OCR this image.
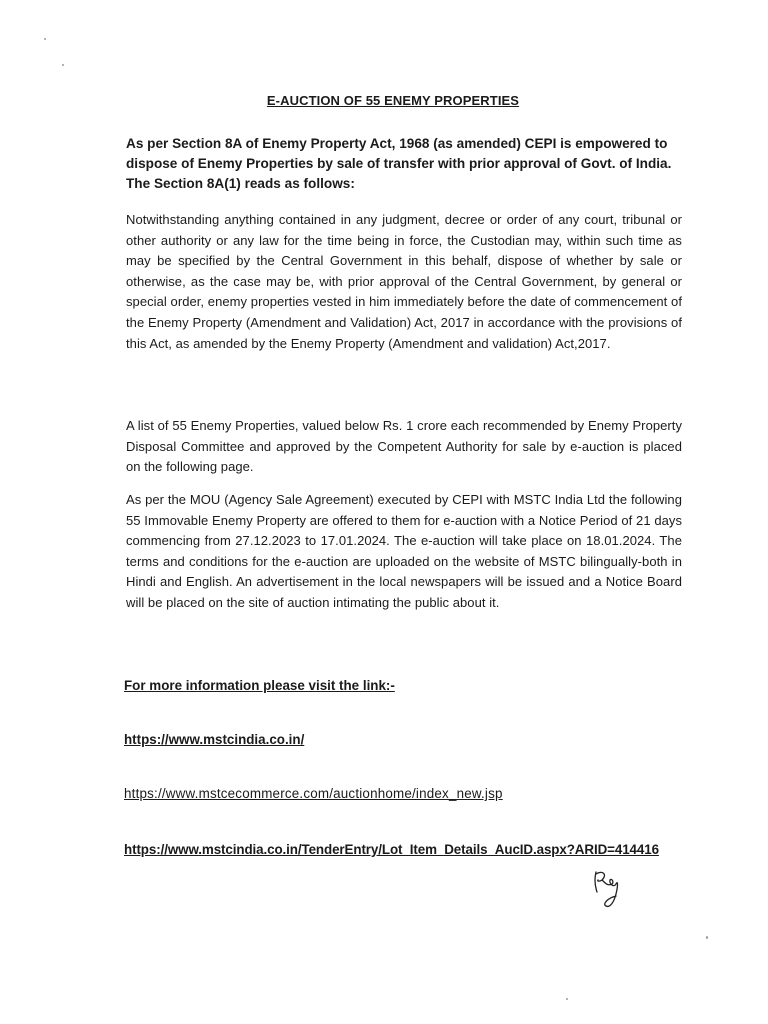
E-AUCTION OF 55 ENEMY PROPERTIES
As per Section 8A of Enemy Property Act, 1968 (as amended) CEPI is empowered to dispose of Enemy Properties by sale of transfer with prior approval of Govt. of India. The Section 8A(1) reads as follows:
Notwithstanding anything contained in any judgment, decree or order of any court, tribunal or other authority or any law for the time being in force, the Custodian may, within such time as may be specified by the Central Government in this behalf, dispose of whether by sale or otherwise, as the case may be, with prior approval of the Central Government, by general or special order, enemy properties vested in him immediately before the date of commencement of the Enemy Property (Amendment and Validation) Act, 2017 in accordance with the provisions of this Act, as amended by the Enemy Property (Amendment and validation) Act,2017.
A list of 55 Enemy Properties, valued below Rs. 1 crore each recommended by Enemy Property Disposal Committee and approved by the Competent Authority for sale by e-auction is placed on the following page.
As per the MOU (Agency Sale Agreement) executed by CEPI with MSTC India Ltd the following 55 Immovable Enemy Property are offered to them for e-auction with a Notice Period of 21 days commencing from 27.12.2023 to 17.01.2024. The e-auction will take place on 18.01.2024. The terms and conditions for the e-auction are uploaded on the website of MSTC bilingually-both in Hindi and English. An advertisement in the local newspapers will be issued and a Notice Board will be placed on the site of auction intimating the public about it.
For more information please visit the link:-
https://www.mstcindia.co.in/
https://www.mstcecommerce.com/auctionhome/index_new.jsp
https://www.mstcindia.co.in/TenderEntry/Lot_Item_Details_AucID.aspx?ARID=414416
